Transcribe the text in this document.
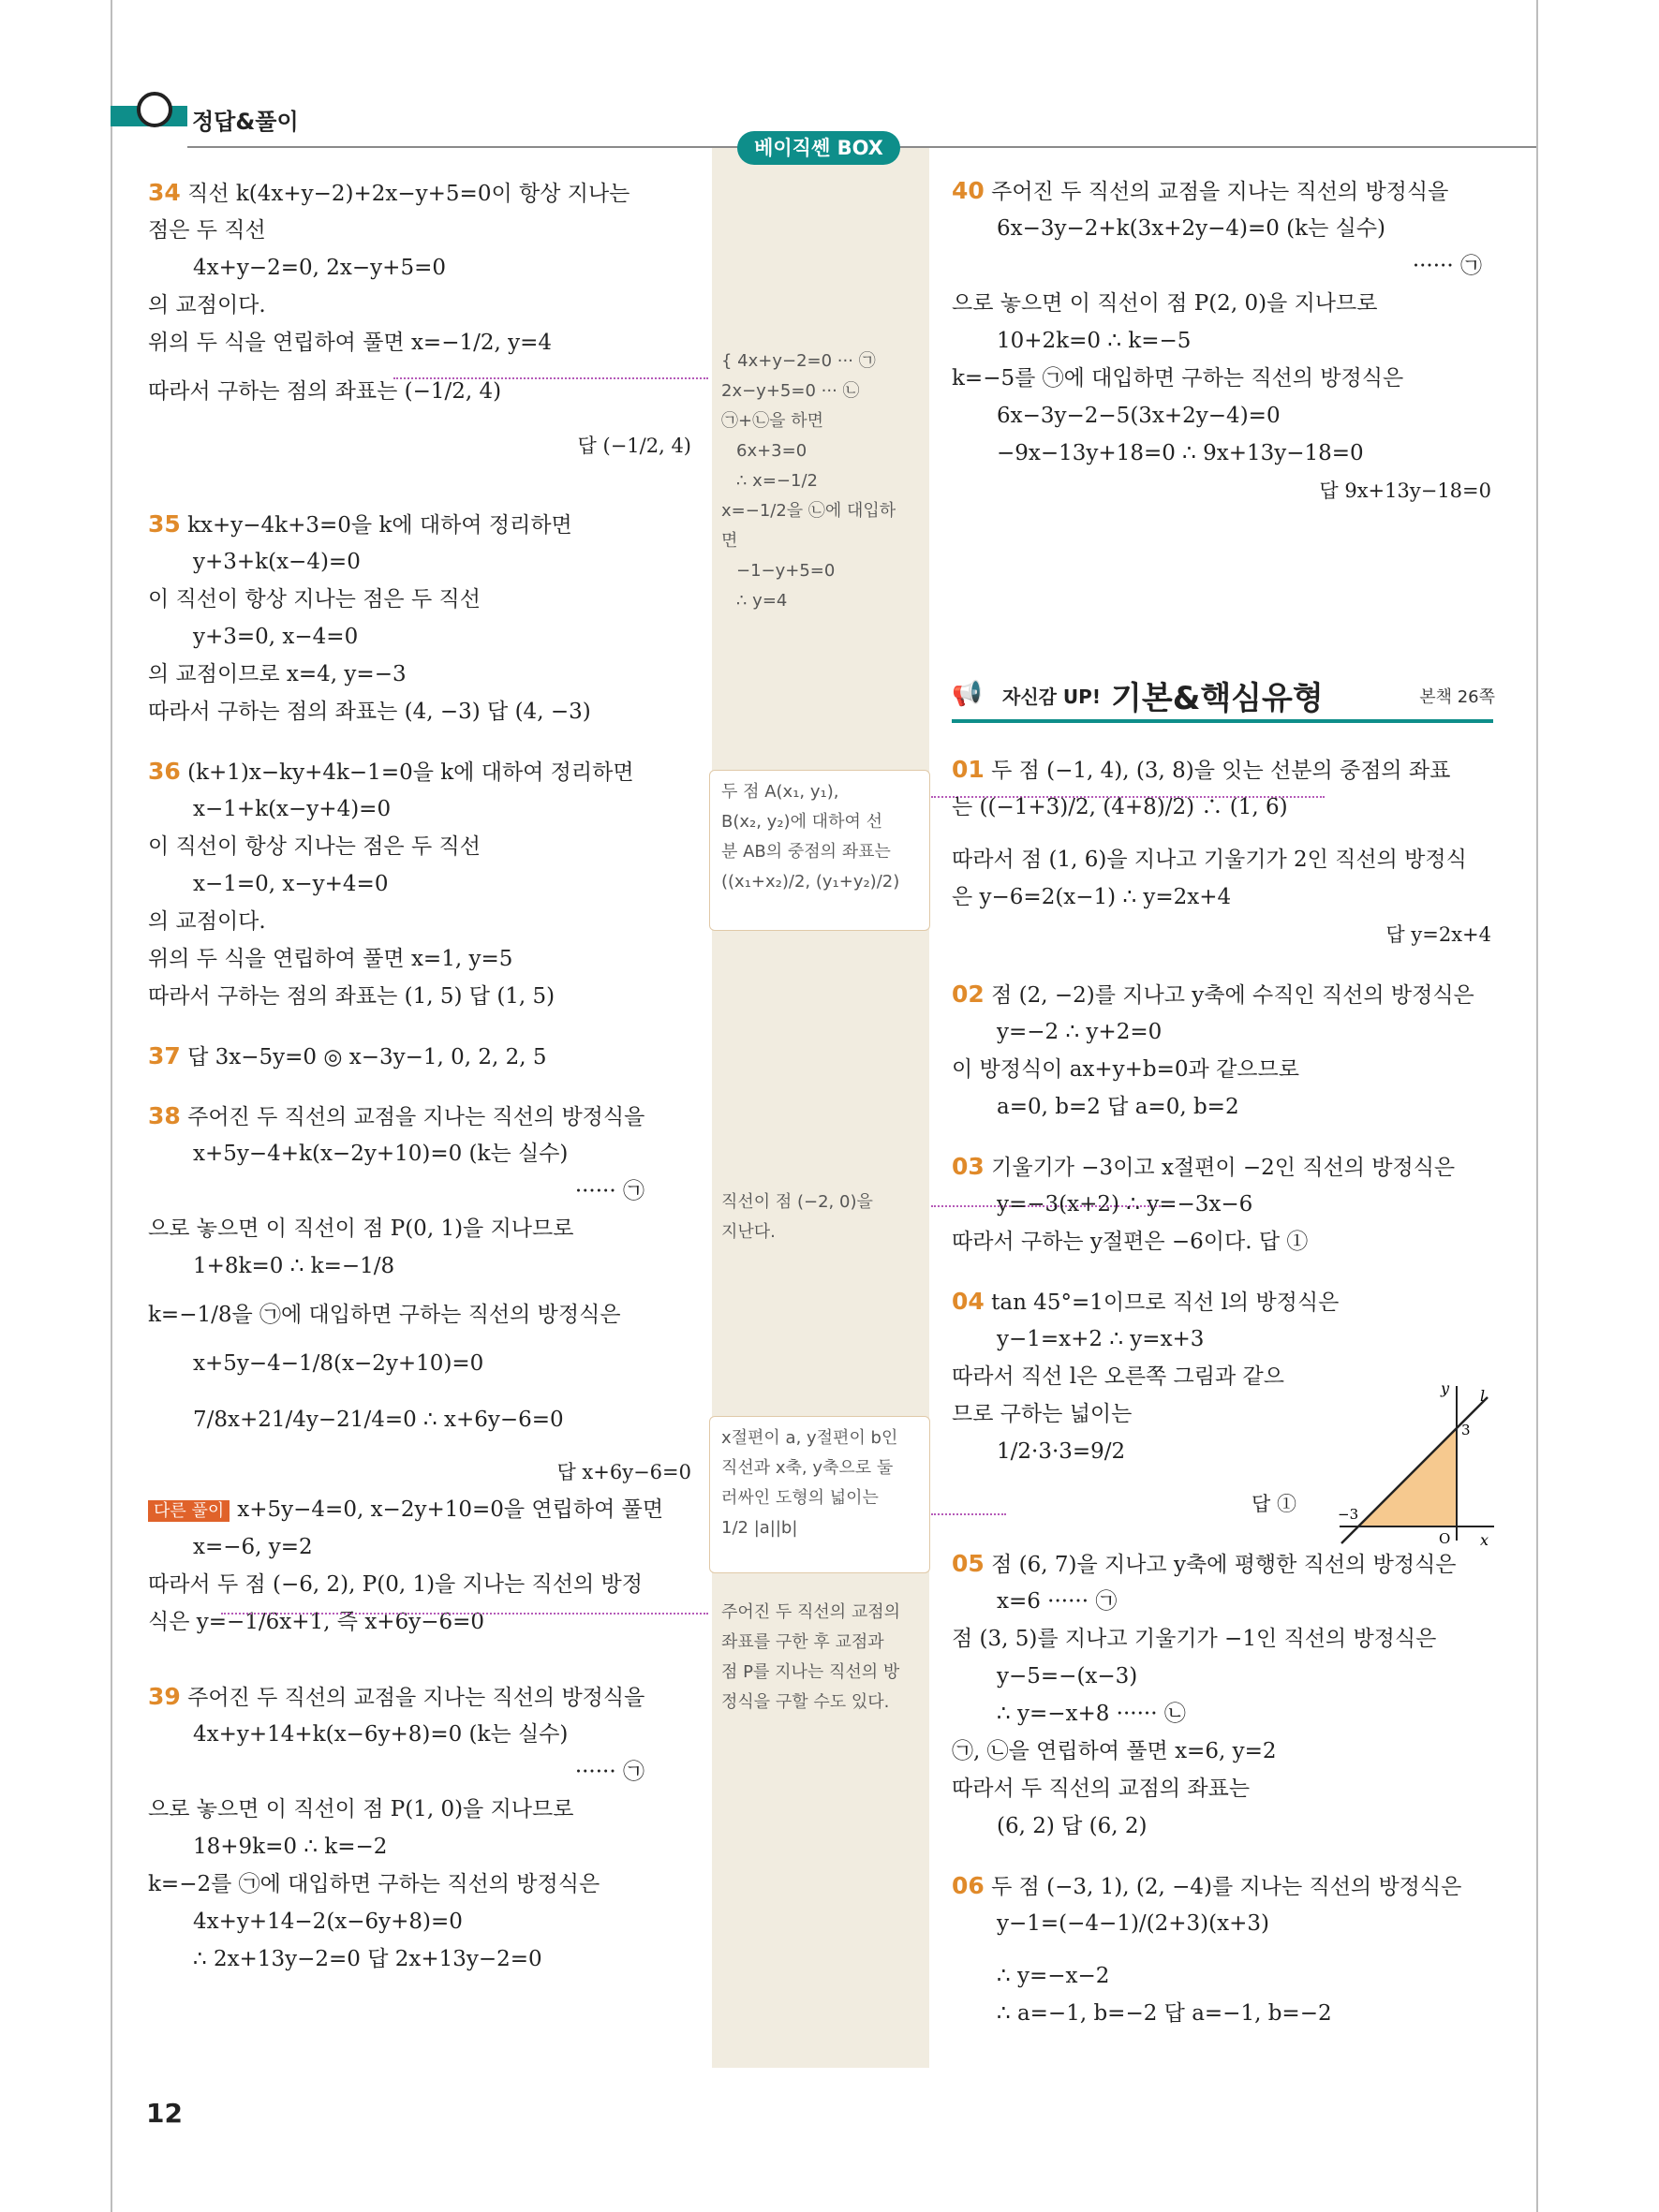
정답&풀이
베이직쎈 BOX
34 직선 k(4x+y−2)+2x−y+5=0이 항상 지나는
점은 두 직선
4x+y−2=0, 2x−y+5=0
의 교점이다.
위의 두 식을 연립하여 풀면 x=−1/2, y=4
따라서 구하는 점의 좌표는 (−1/2, 4)
답 (−1/2, 4)
35 kx+y−4k+3=0을 k에 대하여 정리하면
y+3+k(x−4)=0
이 직선이 항상 지나는 점은 두 직선
y+3=0, x−4=0
의 교점이므로 x=4, y=−3
따라서 구하는 점의 좌표는 (4, −3) 답 (4, −3)
36 (k+1)x−ky+4k−1=0을 k에 대하여 정리하면
x−1+k(x−y+4)=0
이 직선이 항상 지나는 점은 두 직선
x−1=0, x−y+4=0
의 교점이다.
위의 두 식을 연립하여 풀면 x=1, y=5
따라서 구하는 점의 좌표는 (1, 5) 답 (1, 5)
37 답 3x−5y=0 ◎ x−3y−1, 0, 2, 2, 5
38 주어진 두 직선의 교점을 지나는 직선의 방정식을
x+5y−4+k(x−2y+10)=0 (k는 실수)
······ ㉠
으로 놓으면 이 직선이 점 P(0, 1)을 지나므로
1+8k=0 ∴ k=−1/8
k=−1/8을 ㉠에 대입하면 구하는 직선의 방정식은
x+5y−4−1/8(x−2y+10)=0
7/8x+21/4y−21/4=0 ∴ x+6y−6=0
답 x+6y−6=0
다른 풀이 x+5y−4=0, x−2y+10=0을 연립하여 풀면
x=−6, y=2
따라서 두 점 (−6, 2), P(0, 1)을 지나는 직선의 방정
식은 y=−1/6x+1, 즉 x+6y−6=0
39 주어진 두 직선의 교점을 지나는 직선의 방정식을
4x+y+14+k(x−6y+8)=0 (k는 실수)
······ ㉠
으로 놓으면 이 직선이 점 P(1, 0)을 지나므로
18+9k=0 ∴ k=−2
k=−2를 ㉠에 대입하면 구하는 직선의 방정식은
4x+y+14−2(x−6y+8)=0
∴ 2x+13y−2=0 답 2x+13y−2=0
{ 4x+y−2=0 ··· ㉠
2x−y+5=0 ··· ㉡
㉠+㉡을 하면
6x+3=0
∴ x=−1/2
x=−1/2을 ㉡에 대입하
면
−1−y+5=0
∴ y=4
두 점 A(x₁, y₁),
B(x₂, y₂)에 대하여 선
분 AB의 중점의 좌표는
((x₁+x₂)/2, (y₁+y₂)/2)
직선이 점 (−2, 0)을
지난다.
x절편이 a, y절편이 b인
직선과 x축, y축으로 둘
러싸인 도형의 넓이는
1/2 |a||b|
주어진 두 직선의 교점의
좌표를 구한 후 교점과
점 P를 지나는 직선의 방
정식을 구할 수도 있다.
40 주어진 두 직선의 교점을 지나는 직선의 방정식을
6x−3y−2+k(3x+2y−4)=0 (k는 실수)
······ ㉠
으로 놓으면 이 직선이 점 P(2, 0)을 지나므로
10+2k=0 ∴ k=−5
k=−5를 ㉠에 대입하면 구하는 직선의 방정식은
6x−3y−2−5(3x+2y−4)=0
−9x−13y+18=0 ∴ 9x+13y−18=0
답 9x+13y−18=0
📢 자신감 UP! 기본&핵심유형	본책 26쪽
01 두 점 (−1, 4), (3, 8)을 잇는 선분의 중점의 좌표
는 ((−1+3)/2, (4+8)/2) ∴ (1, 6)
따라서 점 (1, 6)을 지나고 기울기가 2인 직선의 방정식
은 y−6=2(x−1) ∴ y=2x+4
답 y=2x+4
02 점 (2, −2)를 지나고 y축에 수직인 직선의 방정식은
y=−2 ∴ y+2=0
이 방정식이 ax+y+b=0과 같으므로
a=0, b=2 답 a=0, b=2
03 기울기가 −3이고 x절편이 −2인 직선의 방정식은
y=−3(x+2) ∴ y=−3x−6
따라서 구하는 y절편은 −6이다. 답 ①
04 tan 45°=1이므로 직선 l의 방정식은
y−1=x+2 ∴ y=x+3
따라서 직선 l은 오른쪽 그림과 같으
므로 구하는 넓이는
1/2·3·3=9/2
답 ①
05 점 (6, 7)을 지나고 y축에 평행한 직선의 방정식은
x=6 ······ ㉠
점 (3, 5)를 지나고 기울기가 −1인 직선의 방정식은
y−5=−(x−3)
∴ y=−x+8 ······ ㉡
㉠, ㉡을 연립하여 풀면 x=6, y=2
따라서 두 직선의 교점의 좌표는
(6, 2) 답 (6, 2)
06 두 점 (−3, 1), (2, −4)를 지나는 직선의 방정식은
y−1=(−4−1)/(2+3)(x+3)
∴ y=−x−2
∴ a=−1, b=−2 답 a=−1, b=−2
y
x
l
3
−3
O
12
